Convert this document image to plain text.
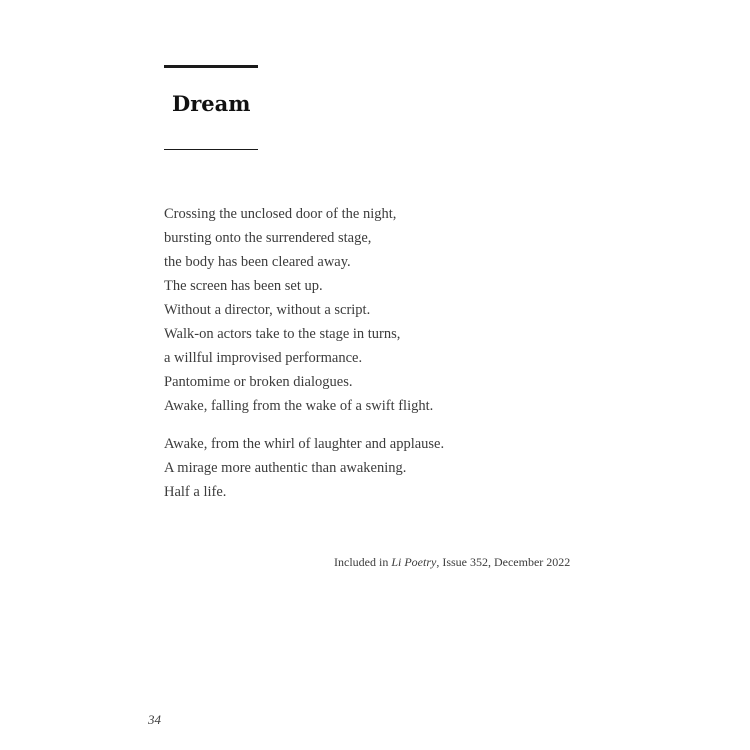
Dream
Crossing the unclosed door of the night,
bursting onto the surrendered stage,
the body has been cleared away.
The screen has been set up.
Without a director, without a script.
Walk-on actors take to the stage in turns,
a willful improvised performance.
Pantomime or broken dialogues.
Awake, falling from the wake of a swift flight.
Awake, from the whirl of laughter and applause.
A mirage more authentic than awakening.
Half a life.

Included in Li Poetry, Issue 352, December 2022

34
